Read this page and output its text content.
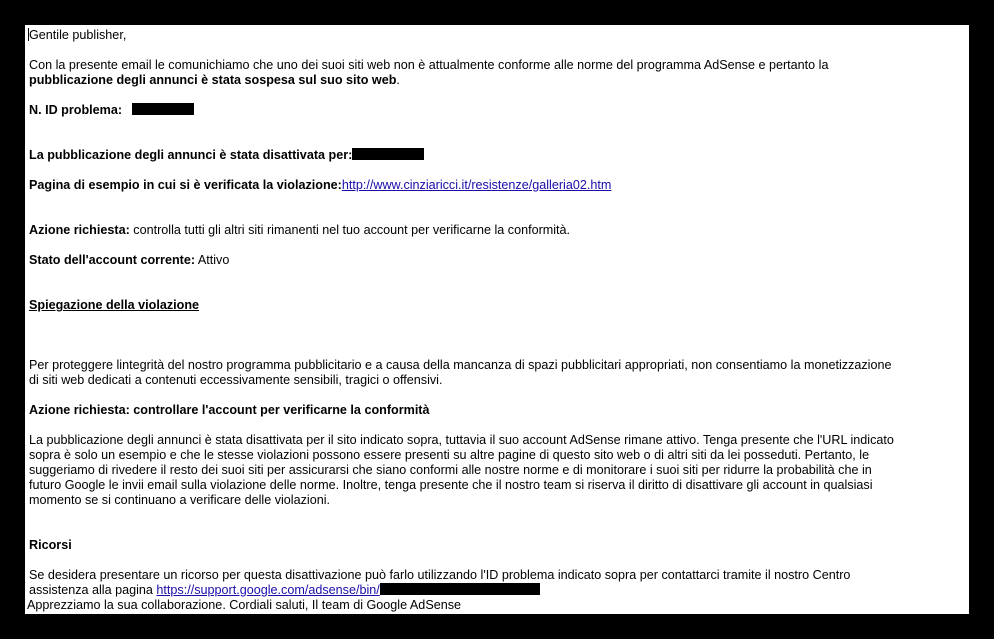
Gentile publisher,
Con la presente email le comunichiamo che uno dei suoi siti web non è attualmente conforme alle norme del programma AdSense e pertanto la
pubblicazione degli annunci è stata sospesa sul suo sito web.
N. ID problema:
La pubblicazione degli annunci è stata disattivata per:
Pagina di esempio in cui si è verificata la violazione:http://www.cinziaricci.it/resistenze/galleria02.htm
Azione richiesta: controlla tutti gli altri siti rimanenti nel tuo account per verificarne la conformità.
Stato dell'account corrente: Attivo
Spiegazione della violazione
Per proteggere lintegrità del nostro programma pubblicitario e a causa della mancanza di spazi pubblicitari appropriati, non consentiamo la monetizzazione
di siti web dedicati a contenuti eccessivamente sensibili, tragici o offensivi.
Azione richiesta: controllare l'account per verificarne la conformità
La pubblicazione degli annunci è stata disattivata per il sito indicato sopra, tuttavia il suo account AdSense rimane attivo. Tenga presente che l'URL indicato
sopra è solo un esempio e che le stesse violazioni possono essere presenti su altre pagine di questo sito web o di altri siti da lei posseduti. Pertanto, le
suggeriamo di rivedere il resto dei suoi siti per assicurarsi che siano conformi alle nostre norme e di monitorare i suoi siti per ridurre la probabilità che in
futuro Google le invii email sulla violazione delle norme. Inoltre, tenga presente che il nostro team si riserva il diritto di disattivare gli account in qualsiasi
momento se si continuano a verificare delle violazioni.
Ricorsi
Se desidera presentare un ricorso per questa disattivazione può farlo utilizzando l'ID problema indicato sopra per contattarci tramite il nostro Centro
assistenza alla pagina https://support.google.com/adsense/bin/
Apprezziamo la sua collaborazione. Cordiali saluti, Il team di Google AdSense
